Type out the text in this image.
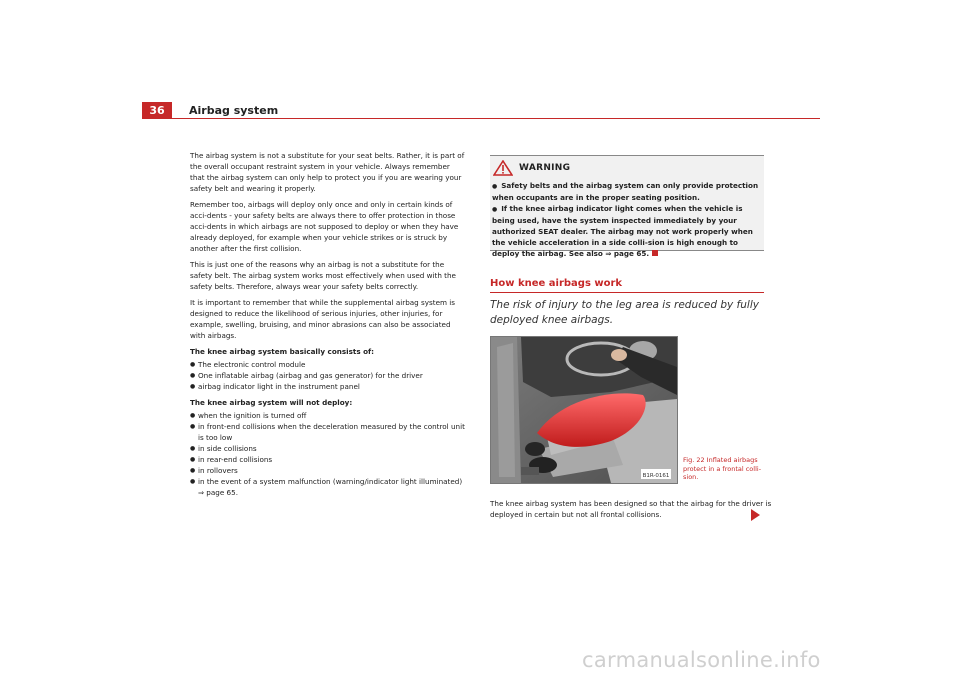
36	Airbag system

The airbag system is not a substitute for your seat belts. Rather, it is part of the overall occupant restraint system in your vehicle. Always remember that the airbag system can only help to protect you if you are wearing your safety belt and wearing it properly.

Remember too, airbags will deploy only once and only in certain kinds of acci-dents - your safety belts are always there to offer protection in those acci-dents in which airbags are not supposed to deploy or when they have already deployed, for example when your vehicle strikes or is struck by another after the first collision.

This is just one of the reasons why an airbag is not a substitute for the safety belt. The airbag system works most effectively when used with the safety belts. Therefore, always wear your safety belts correctly.

It is important to remember that while the supplemental airbag system is designed to reduce the likelihood of serious injuries, other injuries, for example, swelling, bruising, and minor abrasions can also be associated with airbags.

The knee airbag system basically consists of:

● The electronic control module
● One inflatable airbag (airbag and gas generator) for the driver
● airbag indicator light in the instrument panel

The knee airbag system will not deploy:

● when the ignition is turned off
● in front-end collisions when the deceleration measured by the control unit is too low
● in side collisions
● in rear-end collisions
● in rollovers
● in the event of a system malfunction (warning/indicator light illuminated) ⇒ page 65.
WARNING
● Safety belts and the airbag system can only provide protection when occupants are in the proper seating position.
● If the knee airbag indicator light comes when the vehicle is being used, have the system inspected immediately by your authorized SEAT dealer. The airbag may not work properly when the vehicle acceleration in a side colli-sion is high enough to deploy the airbag. See also ⇒ page 65.
How knee airbags work
The risk of injury to the leg area is reduced by fully deployed knee airbags.
B1R-0161
Fig. 22 Inflated airbags protect in a frontal colli-sion.
The knee airbag system has been designed so that the airbag for the driver is deployed in certain but not all frontal collisions.
carmanualsonline.info
